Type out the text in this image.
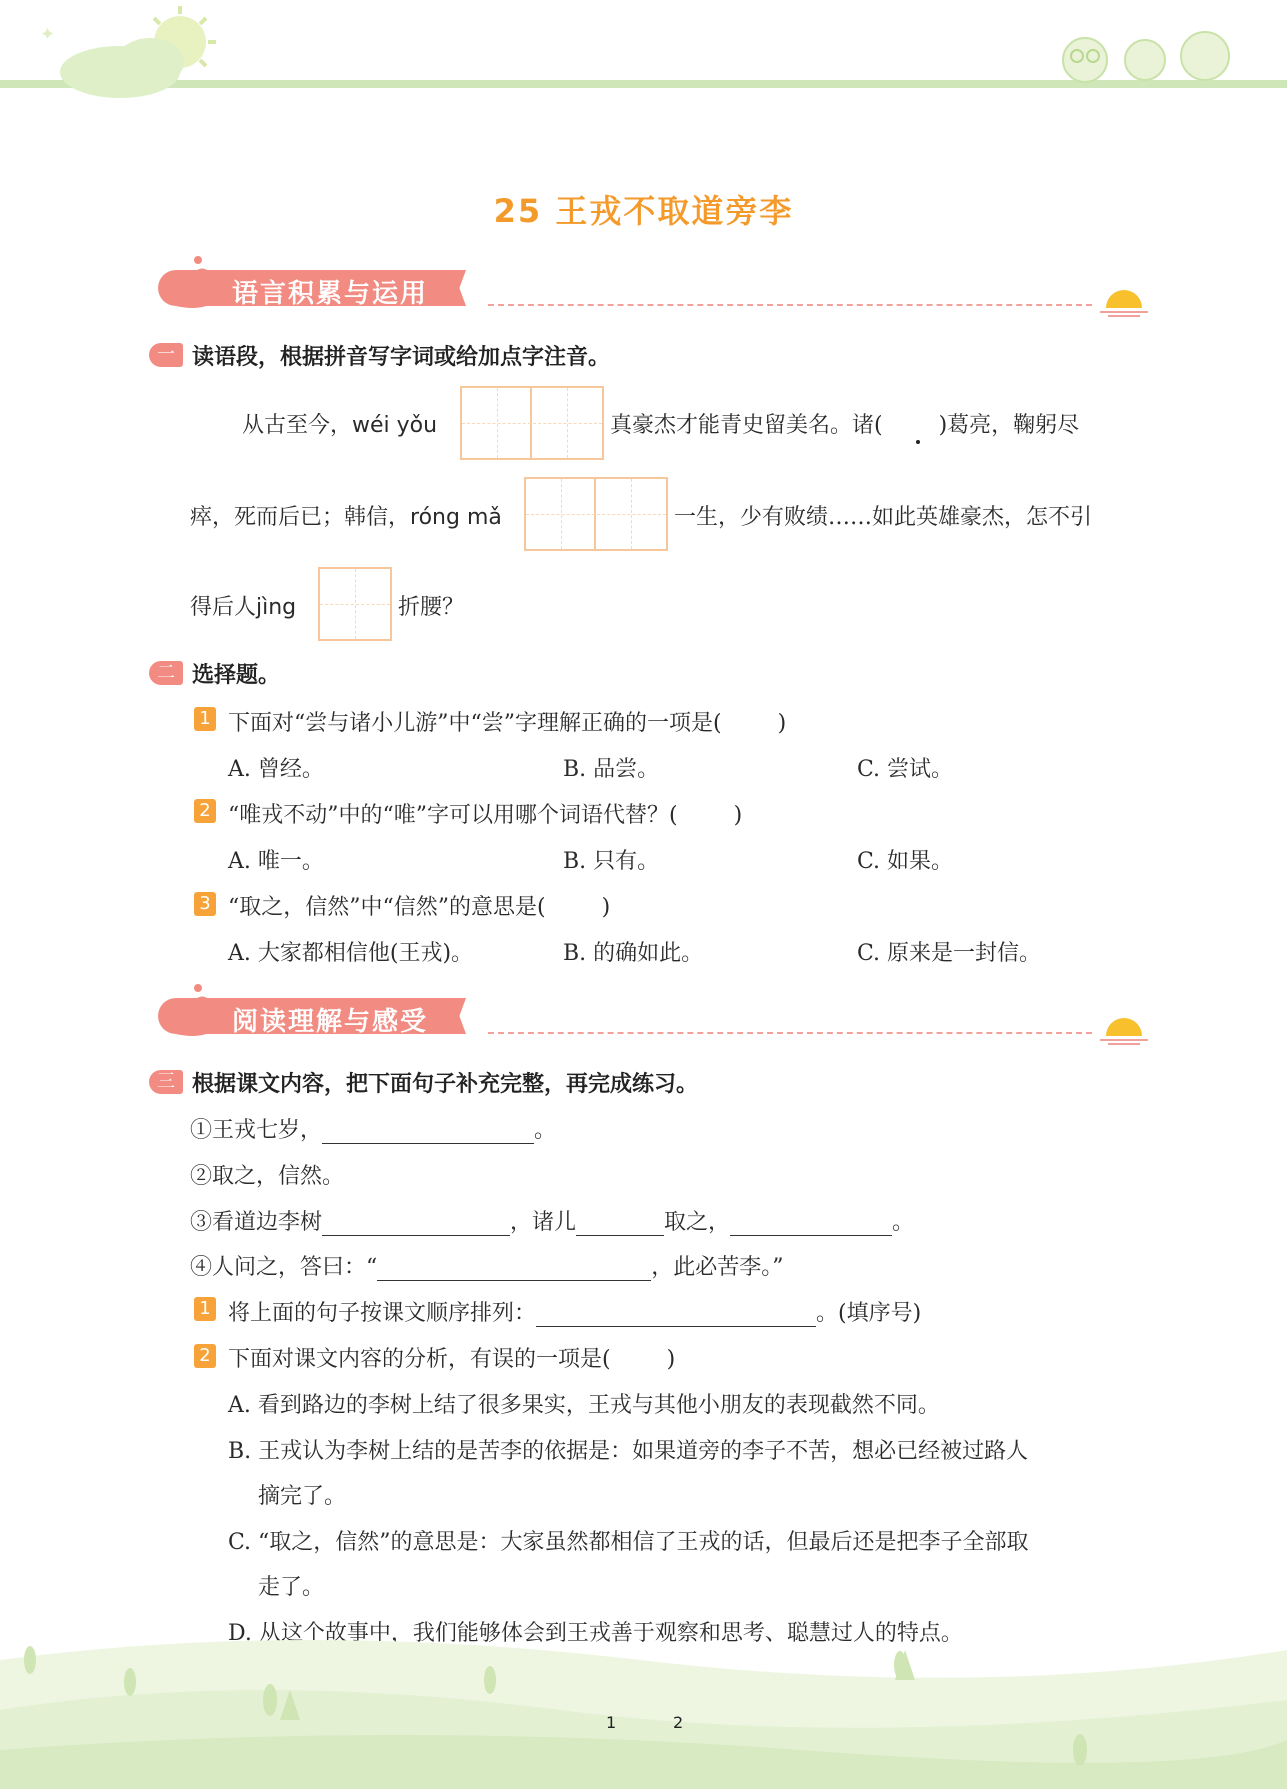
✦
25 王戎不取道旁李
语言积累与运用
一 读语段，根据拼音写字词或给加点字注音。
从古至今，wéi yǒu	真豪杰才能青史留美名。诸(	)葛亮，鞠躬尽
瘁，死而后已；韩信，róng mǎ	一生，少有败绩……如此英雄豪杰，怎不引
得后人jìng	折腰？
二 选择题。
1 下面对“尝与诸小儿游”中“尝”字理解正确的一项是(	)
A. 曾经。	B. 品尝。	C. 尝试。
2 “唯戎不动”中的“唯”字可以用哪个词语代替？(	)
A. 唯一。	B. 只有。	C. 如果。
3 “取之，信然”中“信然”的意思是(	)
A. 大家都相信他(王戎)。	B. 的确如此。	C. 原来是一封信。
阅读理解与感受
三 根据课文内容，把下面句子补充完整，再完成练习。
①王戎七岁，	。
②取之，信然。
③看道边李树	，诸儿	取之，	。
④人问之，答曰：“	，此必苦李。”
1 将上面的句子按课文顺序排列：	。(填序号)
2 下面对课文内容的分析，有误的一项是(	)
A. 看到路边的李树上结了很多果实，王戎与其他小朋友的表现截然不同。
B. 王戎认为李树上结的是苦李的依据是：如果道旁的李子不苦，想必已经被过路人
摘完了。
C. “取之，信然”的意思是：大家虽然都相信了王戎的话，但最后还是把李子全部取
走了。
D. 从这个故事中，我们能够体会到王戎善于观察和思考、聪慧过人的特点。
1	2
